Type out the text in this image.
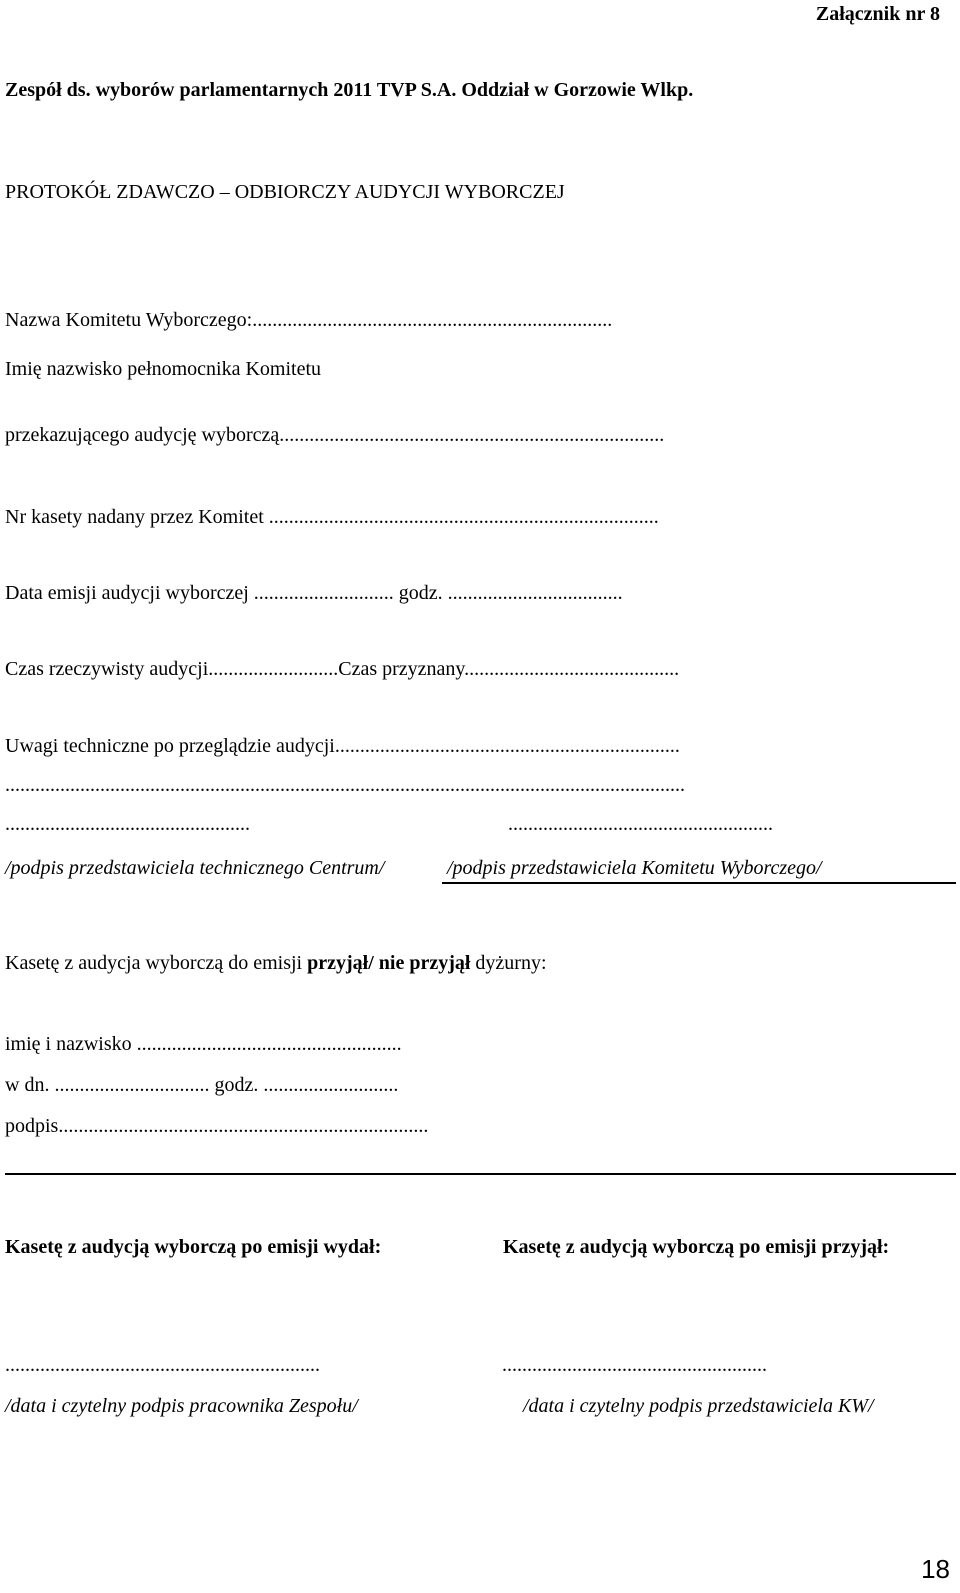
Załącznik nr 8
Zespół ds. wyborów parlamentarnych 2011 TVP S.A. Oddział w Gorzowie Wlkp.
PROTOKÓŁ ZDAWCZO – ODBIORCZY AUDYCJI WYBORCZEJ
Nazwa Komitetu Wyborczego:........................................................................
Imię nazwisko pełnomocnika Komitetu
przekazującego audycję wyborczą.............................................................................
Nr kasety nadany przez Komitet ..............................................................................
Data emisji audycji wyborczej ............................ godz. ...................................
Czas rzeczywisty audycji..........................Czas przyznany...........................................
Uwagi techniczne po przeglądzie audycji.....................................................................
........................................................................................................................................
.................................................	.....................................................
/podpis przedstawiciela technicznego Centrum/	/podpis przedstawiciela Komitetu Wyborczego/
Kasetę z audycja wyborczą do emisji przyjął/ nie przyjął dyżurny:
imię i nazwisko .....................................................
w dn. ............................... godz. ...........................
podpis..........................................................................
Kasetę z audycją wyborczą po emisji wydał:	Kasetę z audycją wyborczą po emisji przyjął:
...............................................................	.....................................................
/data i czytelny podpis pracownika Zespołu/	/data i czytelny podpis przedstawiciela KW/
18
